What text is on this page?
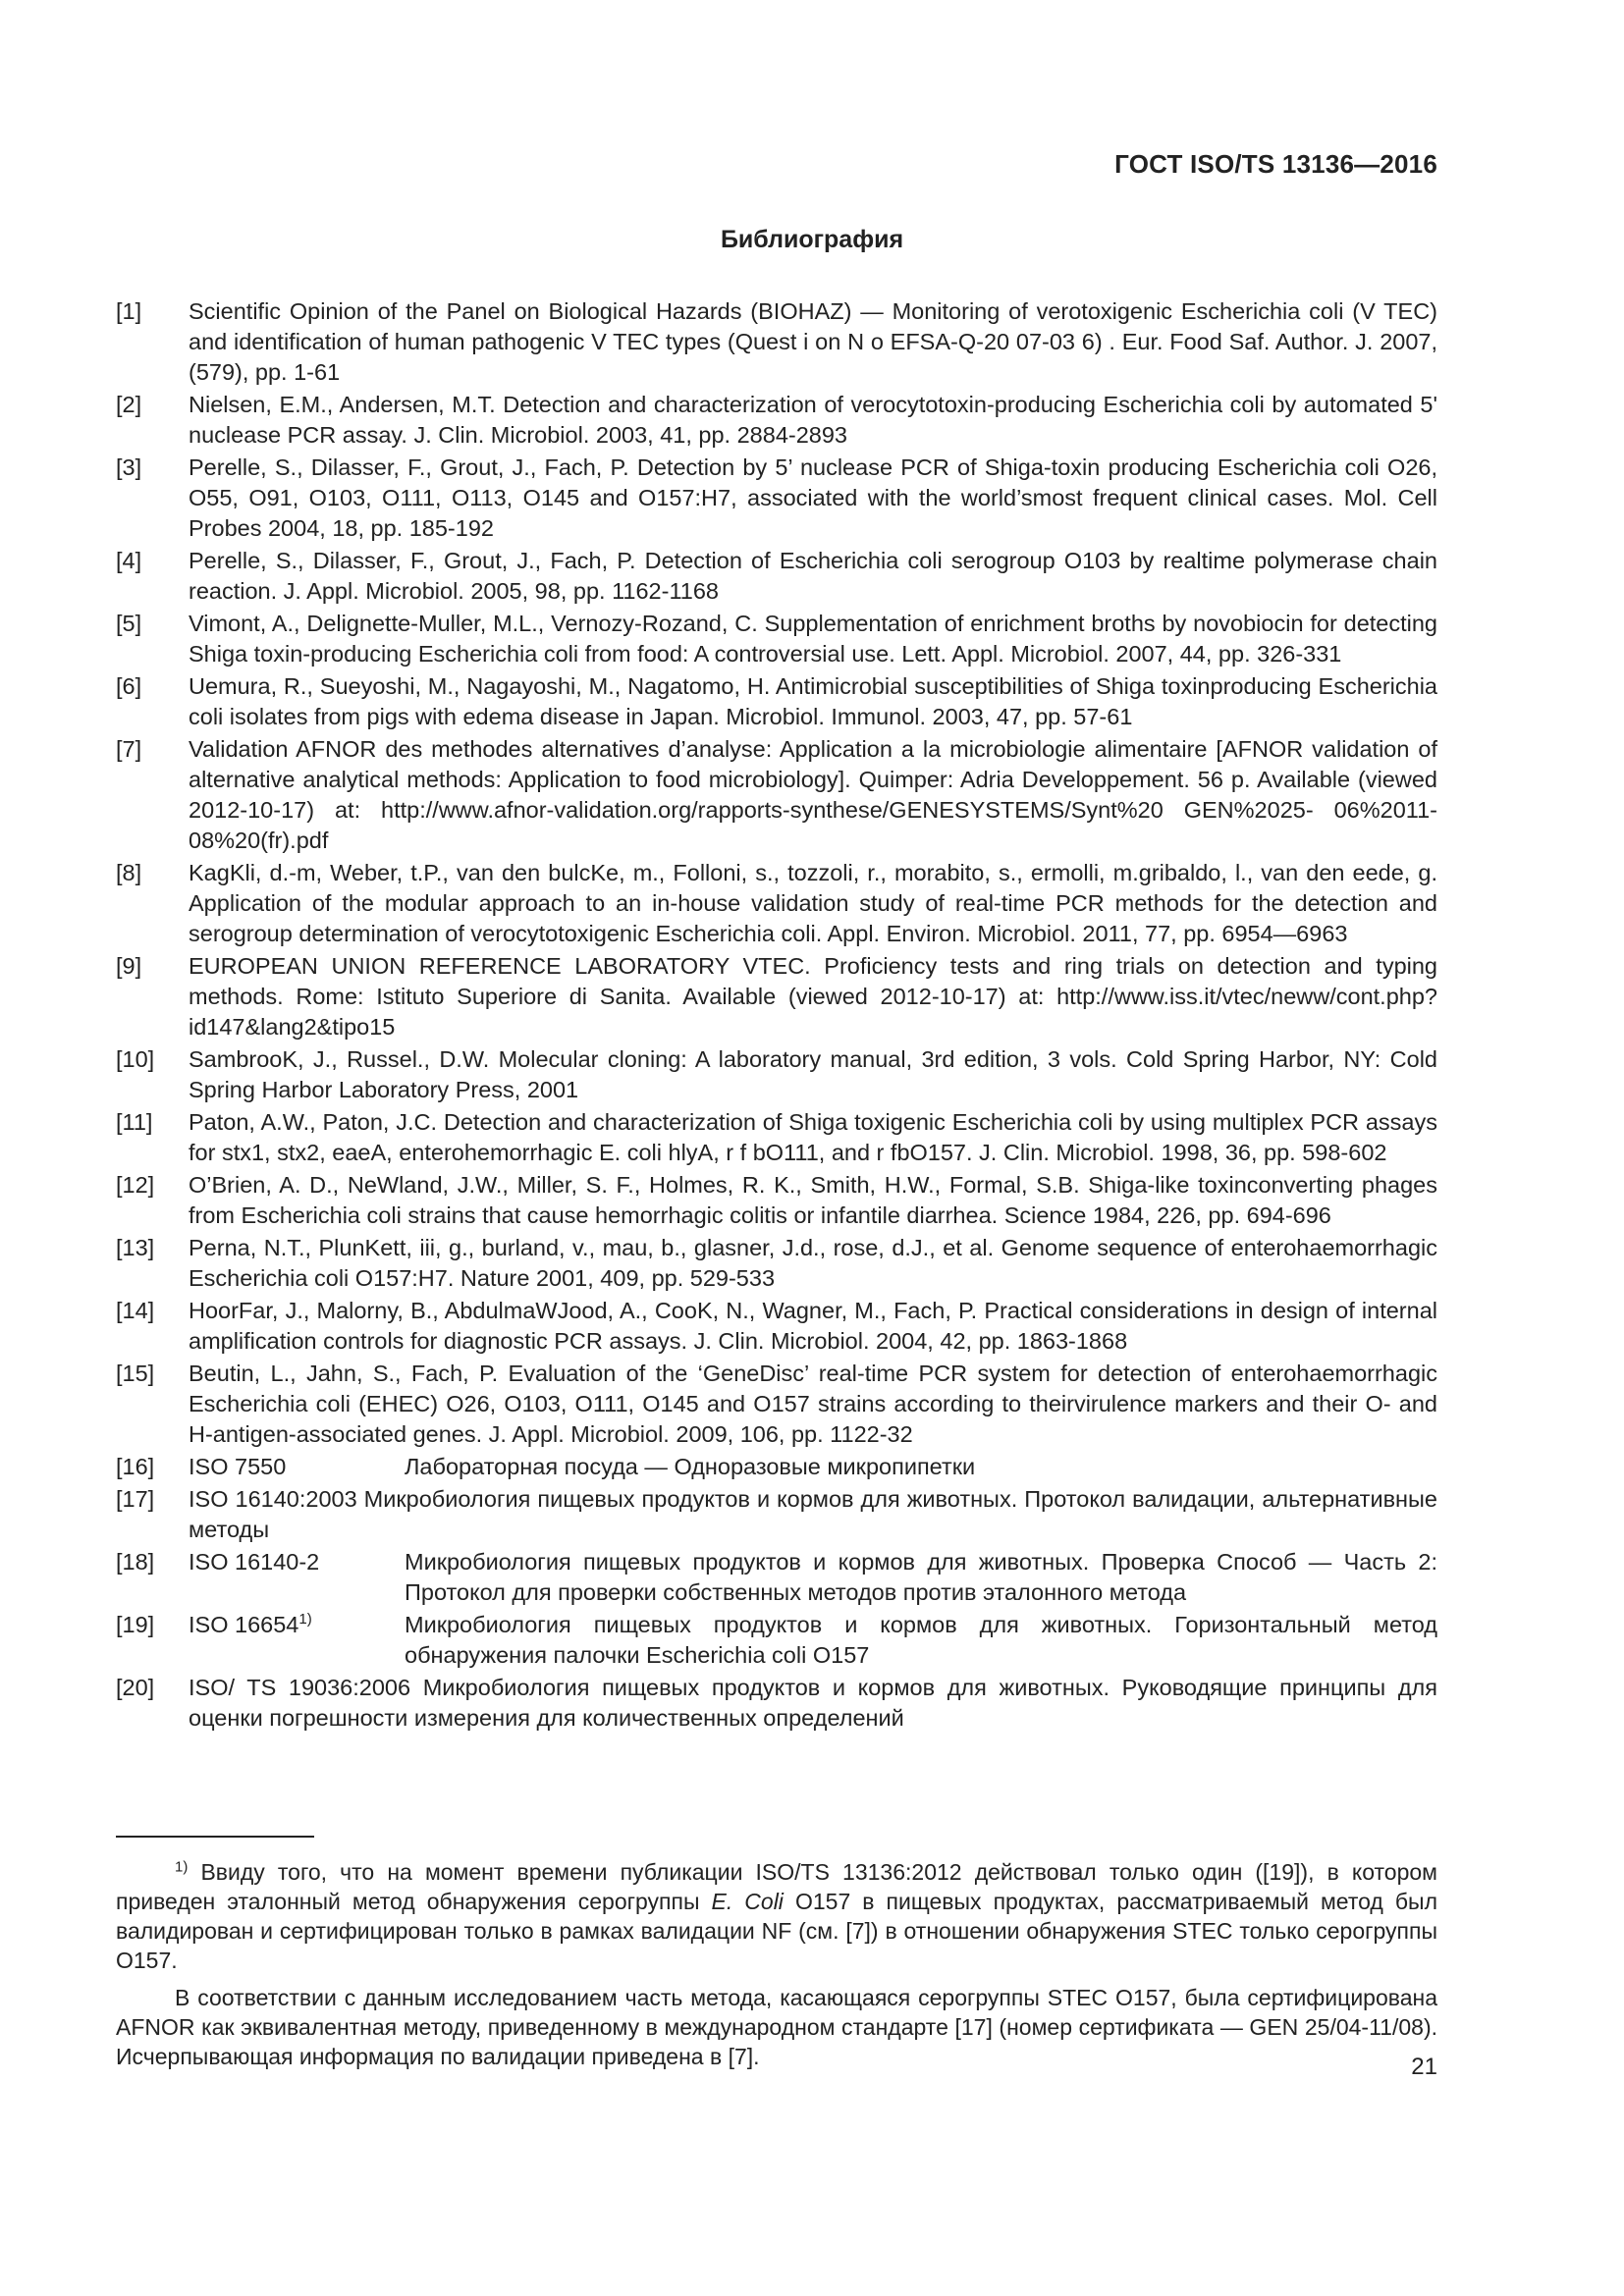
ГОСТ ISO/TS 13136—2016
Библиография
[1]	Scientific Opinion of the Panel on Biological Hazards (BIOHAZ) — Monitoring of verotoxigenic Escherichia coli (V TEC) and identification of human pathogenic V TEC types (Quest i on N o EFSA-Q-20 07-03 6) . Eur. Food Saf. Author. J. 2007, (579), pp. 1-61
[2]	Nielsen, E.M., Andersen, M.T. Detection and characterization of verocytotoxin-producing Escherichia coli by automated 5' nuclease PCR assay. J. Clin. Microbiol. 2003, 41, pp. 2884-2893
[3]	Perelle, S., Dilasser, F., Grout, J., Fach, P. Detection by 5’ nuclease PCR of Shiga-toxin producing Escherichia coli O26, O55, O91, O103, O111, O113, O145 and O157:H7, associated with the world’smost frequent clinical cases. Mol. Cell Probes 2004, 18, pp. 185-192
[4]	Perelle, S., Dilasser, F., Grout, J., Fach, P. Detection of Escherichia coli serogroup O103 by realtime polymerase chain reaction. J. Appl. Microbiol. 2005, 98, pp. 1162-1168
[5]	Vimont, A., Delignette-Muller, M.L., Vernozy-Rozand, C. Supplementation of enrichment broths by novobiocin for detecting Shiga toxin-producing Escherichia coli from food: A controversial use. Lett. Appl. Microbiol. 2007, 44, pp. 326-331
[6]	Uemura, R., Sueyoshi, M., Nagayoshi, M., Nagatomo, H. Antimicrobial susceptibilities of Shiga toxinproducing Escherichia coli isolates from pigs with edema disease in Japan. Microbiol. Immunol. 2003, 47, pp. 57-61
[7]	Validation AFNOR des methodes alternatives d’analyse: Application a la microbiologie alimentaire [AFNOR validation of alternative analytical methods: Application to food microbiology]. Quimper: Adria Developpement. 56 p. Available (viewed 2012-10-17) at: http://www.afnor-validation.org/rapports-synthese/GENESYSTEMS/Synt%20 GEN%2025- 06%2011- 08%20(fr).pdf
[8]	KagKli, d.-m, Weber, t.P., van den bulcKe, m., Folloni, s., tozzoli, r., morabito, s., ermolli, m.gribaldo, l., van den eede, g. Application of the modular approach to an in-house validation study of real-time PCR methods for the detection and serogroup determination of verocytotoxigenic Escherichia coli. Appl. Environ. Microbiol. 2011, 77, pp. 6954—6963
[9]	EUROPEAN UNION REFERENCE LABORATORY VTEC. Proficiency tests and ring trials on detection and typing methods. Rome: Istituto Superiore di Sanita. Available (viewed 2012-10-17) at: http://www.iss.it/vtec/neww/cont.php?id147&lang2&tipo15
[10]	SambrooK, J., Russel., D.W. Molecular cloning: A laboratory manual, 3rd edition, 3 vols. Cold Spring Harbor, NY: Cold Spring Harbor Laboratory Press, 2001
[11]	Paton, A.W., Paton, J.C. Detection and characterization of Shiga toxigenic Escherichia coli by using multiplex PCR assays for stx1, stx2, eaeA, enterohemorrhagic E. coli hlyA, r f bO111, and r fbO157. J. Clin. Microbiol. 1998, 36, pp. 598-602
[12]	O’Brien, A. D., NeWland, J.W., Miller, S. F., Holmes, R. K., Smith, H.W., Formal, S.B. Shiga-like toxinconverting phages from Escherichia coli strains that cause hemorrhagic colitis or infantile diarrhea. Science 1984, 226, pp. 694-696
[13]	Perna, N.T., PlunKett, iii, g., burland, v., mau, b., glasner, J.d., rose, d.J., et al. Genome sequence of enterohaemorrhagic Escherichia coli O157:H7. Nature 2001, 409, pp. 529-533
[14]	HoorFar, J., Malorny, B., AbdulmaWJood, A., CooK, N., Wagner, M., Fach, P. Practical considerations in design of internal amplification controls for diagnostic PCR assays. J. Clin. Microbiol. 2004, 42, pp. 1863-1868
[15]	Beutin, L., Jahn, S., Fach, P. Evaluation of the ‘GeneDisc’ real-time PCR system for detection of enterohaemorrhagic Escherichia coli (EHEC) O26, O103, O111, O145 and O157 strains according to theirvirulence markers and their O- and H-antigen-associated genes. J. Appl. Microbiol. 2009, 106, pp. 1122-32
[16]	ISO 7550	Лабораторная посуда — Одноразовые микропипетки
[17]	ISO 16140:2003 Микробиология пищевых продуктов и кормов для животных. Протокол валидации, альтернативные методы
[18]	ISO 16140-2	Микробиология пищевых продуктов и кормов для животных. Проверка Способ — Часть 2: Протокол для проверки собственных методов против эталонного метода
[19]	ISO 16654$^{1)}$	Микробиология пищевых продуктов и кормов для животных. Горизонтальный метод обнаружения палочки Escherichia coli O157
[20]	ISO/ TS 19036:2006 Микробиология пищевых продуктов и кормов для животных. Руководящие принципы для оценки погрешности измерения для количественных определений

$^{1)}$ Ввиду того, что на момент времени публикации ISO/TS 13136:2012 действовал только один ([19]), в котором приведен эталонный метод обнаружения серогруппы E. Coli O157 в пищевых продуктах, рассматриваемый метод был валидирован и сертифицирован только в рамках валидации NF (см. [7]) в отношении обнаружения STEC только серогруппы O157.

В соответствии с данным исследованием часть метода, касающаяся серогруппы STEC O157, была сертифицирована AFNOR как эквивалентная методу, приведенному в международном стандарте [17] (номер сертификата — GEN 25/04-11/08). Исчерпывающая информация по валидации приведена в [7].	21
